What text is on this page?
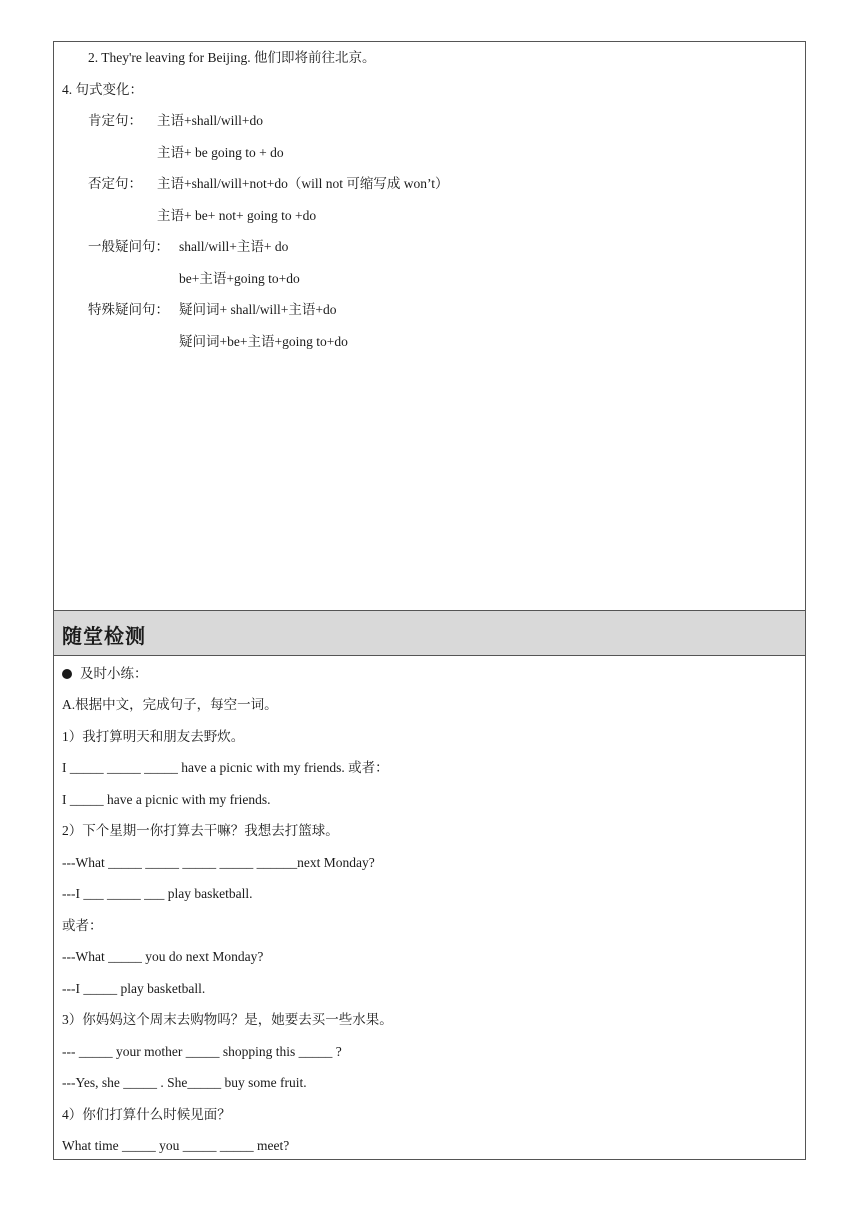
2. They're leaving for Beijing. 他们即将前往北京。
4. 句式变化：
肯定句： 主语+shall/will+do
主语+ be going to + do
否定句： 主语+shall/will+not+do（will not 可缩写成 won’t）
主语+ be+ not+ going to +do
一般疑问句： shall/will+主语+ do
be+主语+going to+do
特殊疑问句： 疑问词+ shall/will+主语+do
疑问词+be+主语+going to+do
随堂检测
及时小练：
A.根据中文，完成句子，每空一词。
1）我打算明天和朋友去野炊。
I _____ _____ _____ have a picnic with my friends. 或者：
I _____ have a picnic with my friends.
2）下个星期一你打算去干嘛？我想去打篮球。
---What _____ _____ _____ _____ ______next Monday?
---I ___ _____ ___ play basketball.
或者：
---What _____ you do next Monday?
---I _____ play basketball.
3）你妈妈这个周末去购物吗？是，她要去买一些水果。
--- _____ your mother _____ shopping this _____ ?
---Yes, she _____ . She_____ buy some fruit.
4）你们打算什么时候见面？
What time _____ you _____ _____ meet?
